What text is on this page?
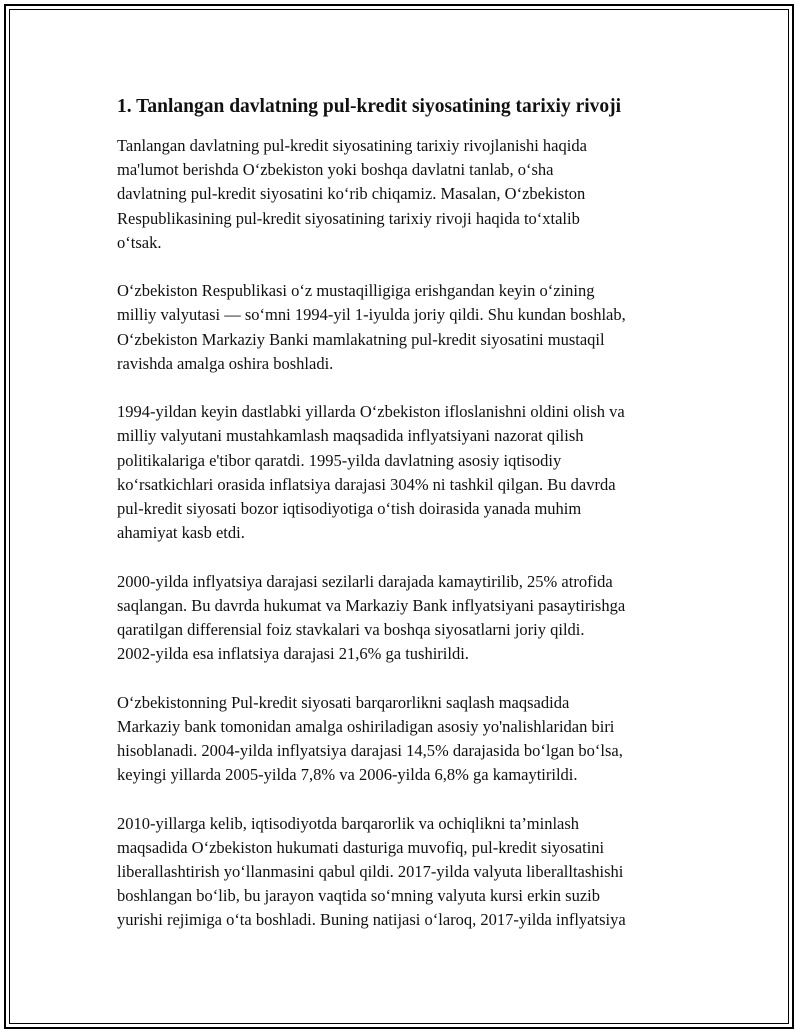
1. Tanlangan davlatning pul-kredit siyosatining tarixiy rivoji

Tanlangan davlatning pul-kredit siyosatining tarixiy rivojlanishi haqida
ma'lumot berishda O‘zbekiston yoki boshqa davlatni tanlab, o‘sha
davlatning pul-kredit siyosatini ko‘rib chiqamiz. Masalan, O‘zbekiston
Respublikasining pul-kredit siyosatining tarixiy rivoji haqida to‘xtalib
o‘tsak.

O‘zbekiston Respublikasi o‘z mustaqilligiga erishgandan keyin o‘zining
milliy valyutasi — so‘mni 1994-yil 1-iyulda joriy qildi. Shu kundan boshlab,
O‘zbekiston Markaziy Banki mamlakatning pul-kredit siyosatini mustaqil
ravishda amalga oshira boshladi.

1994-yildan keyin dastlabki yillarda O‘zbekiston ifloslanishni oldini olish va
milliy valyutani mustahkamlash maqsadida inflyatsiyani nazorat qilish
politikalariga e'tibor qaratdi. 1995-yilda davlatning asosiy iqtisodiy
ko‘rsatkichlari orasida inflatsiya darajasi 304% ni tashkil qilgan. Bu davrda
pul-kredit siyosati bozor iqtisodiyotiga o‘tish doirasida yanada muhim
ahamiyat kasb etdi.

2000-yilda inflyatsiya darajasi sezilarli darajada kamaytirilib, 25% atrofida
saqlangan. Bu davrda hukumat va Markaziy Bank inflyatsiyani pasaytirishga
qaratilgan differensial foiz stavkalari va boshqa siyosatlarni joriy qildi.
2002-yilda esa inflatsiya darajasi 21,6% ga tushirildi.

O‘zbekistonning Pul-kredit siyosati barqarorlikni saqlash maqsadida
Markaziy bank tomonidan amalga oshiriladigan asosiy yo'nalishlaridan biri
hisoblanadi. 2004-yilda inflyatsiya darajasi 14,5% darajasida bo‘lgan bo‘lsa,
keyingi yillarda 2005-yilda 7,8% va 2006-yilda 6,8% ga kamaytirildi.

2010-yillarga kelib, iqtisodiyotda barqarorlik va ochiqlikni ta’minlash
maqsadida O‘zbekiston hukumati dasturiga muvofiq, pul-kredit siyosatini
liberallashtirish yo‘llanmasini qabul qildi. 2017-yilda valyuta liberalltashishi
boshlangan bo‘lib, bu jarayon vaqtida so‘mning valyuta kursi erkin suzib
yurishi rejimiga o‘ta boshladi. Buning natijasi o‘laroq, 2017-yilda inflyatsiya
